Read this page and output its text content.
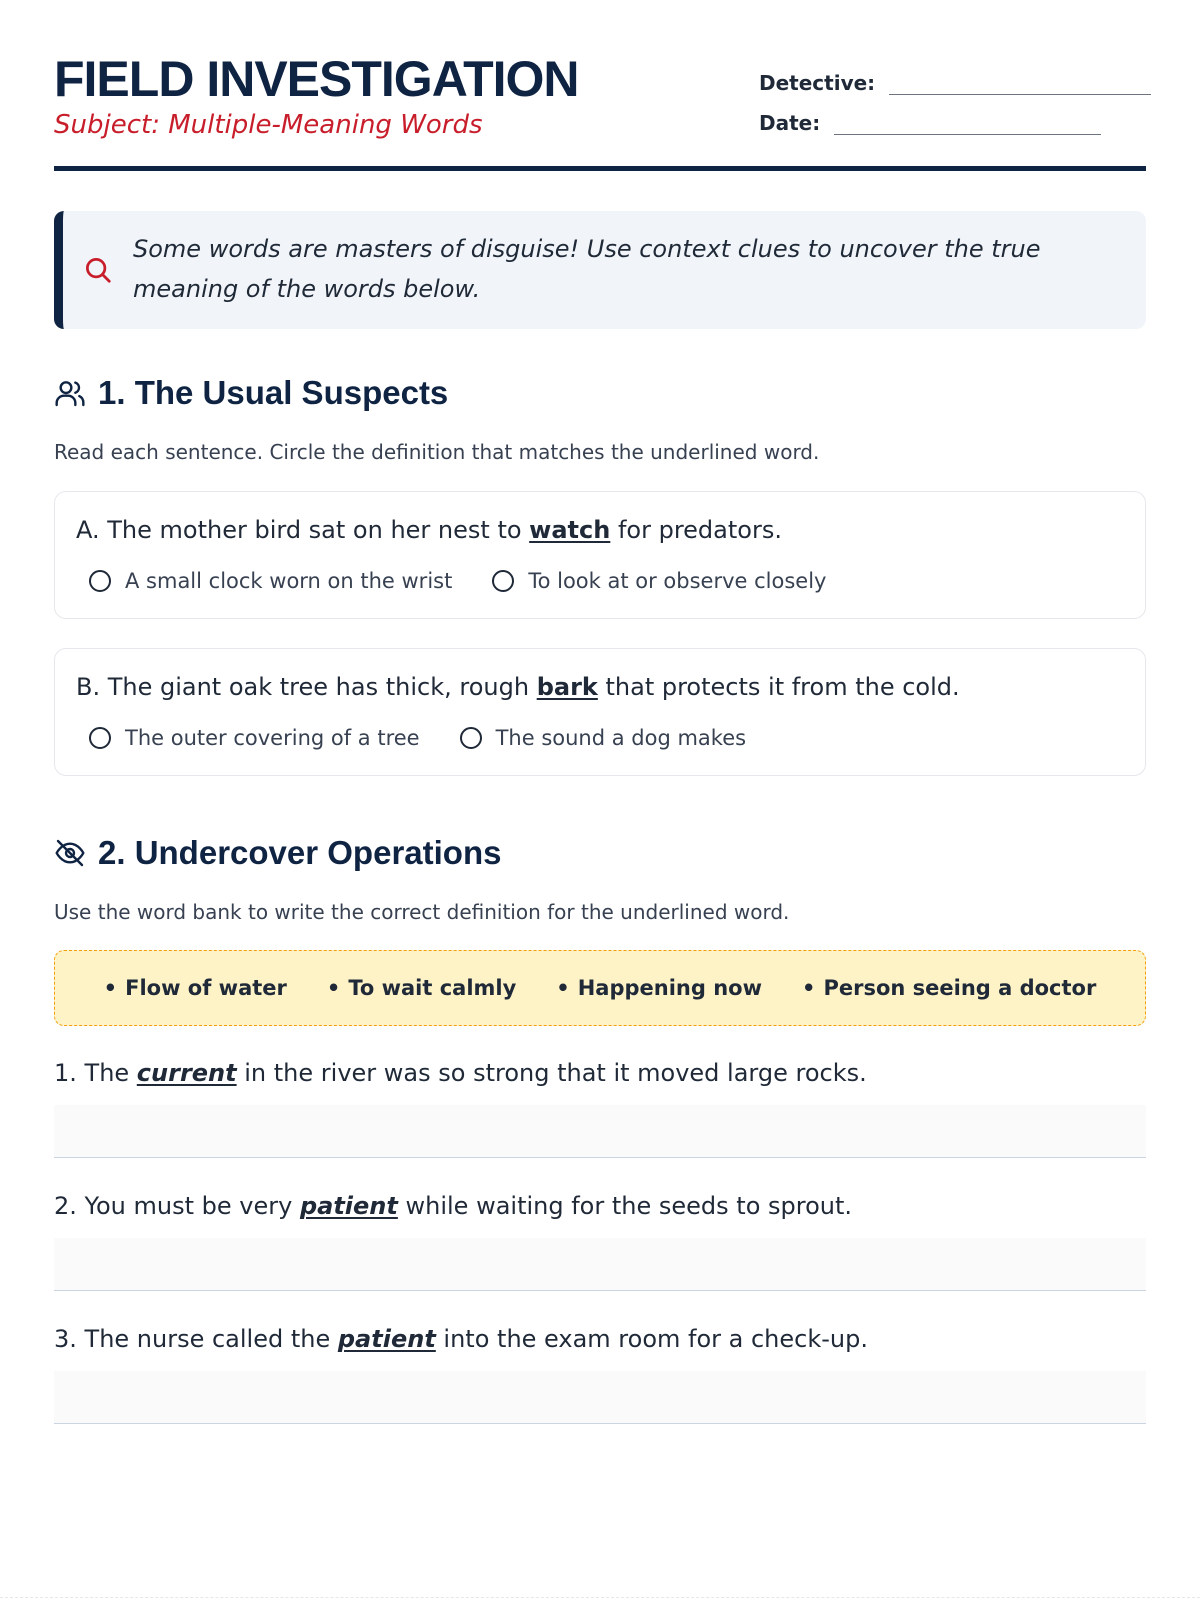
FIELD INVESTIGATION
Subject: Multiple-Meaning Words
Detective:
Date:
Some words are masters of disguise! Use context clues to uncover the true meaning of the words below.
1. The Usual Suspects
Read each sentence. Circle the definition that matches the underlined word.
A. The mother bird sat on her nest to watch for predators.
A small clock worn on the wrist	To look at or observe closely
B. The giant oak tree has thick, rough bark that protects it from the cold.
The outer covering of a tree	The sound a dog makes
2. Undercover Operations
Use the word bank to write the correct definition for the underlined word.
• Flow of water	• To wait calmly	• Happening now	• Person seeing a doctor
1. The current in the river was so strong that it moved large rocks.
2. You must be very patient while waiting for the seeds to sprout.
3. The nurse called the patient into the exam room for a check-up.
